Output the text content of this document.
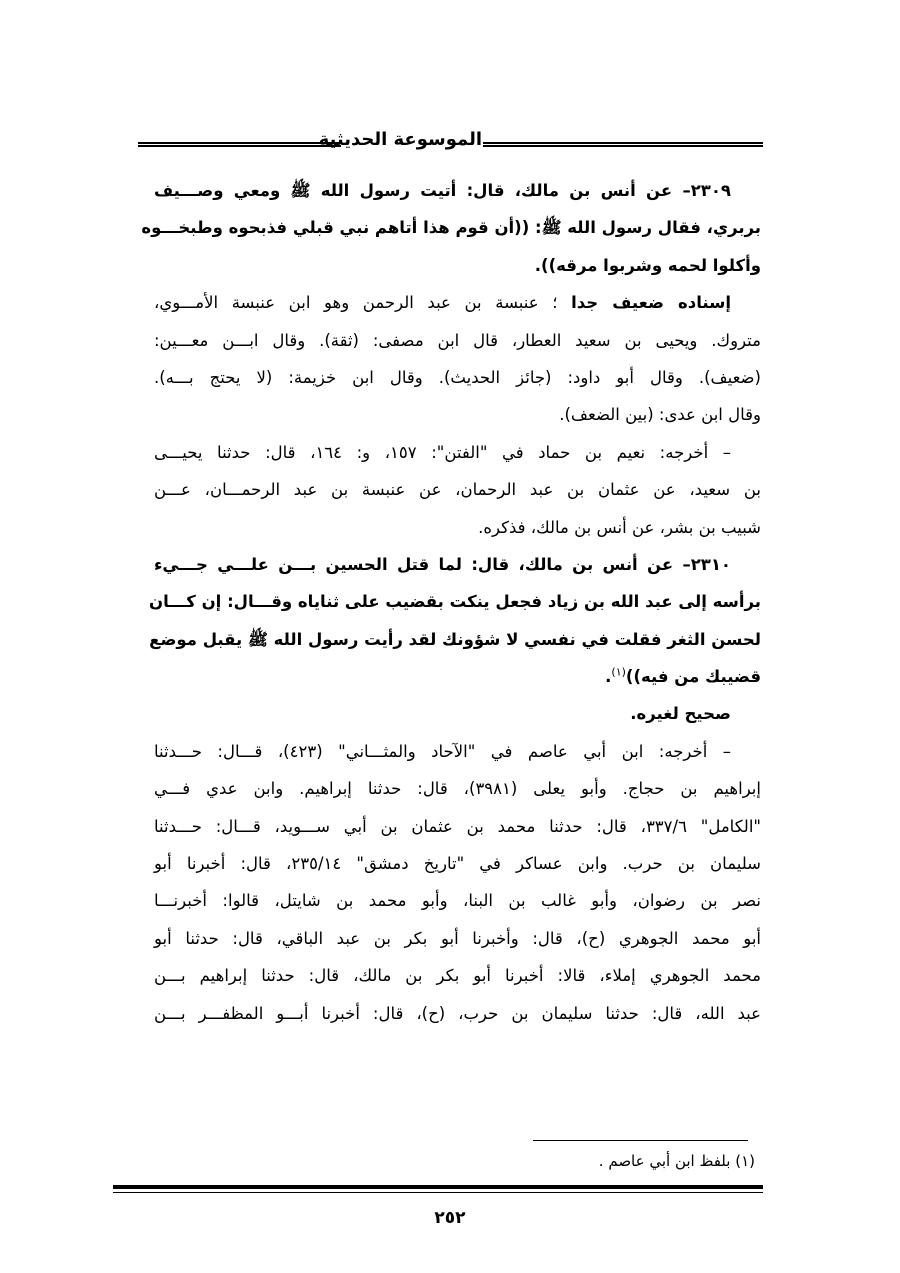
الموسوعة الحديثية
٢٣٠٩– عن أنس بن مالك، قال: أتيت رسول الله ﷺ ومعي وصـــيف
بربري، فقال رسول الله ﷺ: ((أن قوم هذا أتاهم نبي قبلي فذبحوه وطبخـــوه
وأكلوا لحمه وشربوا مرقه)).
إسناده ضعيف جدا ؛ عنبسة بن عبد الرحمن وهو ابن عنبسة الأمـــوي،
متروك. ويحيى بن سعيد العطار، قال ابن مصفى: (ثقة). وقال ابـــن معـــين:
(ضعيف). وقال أبو داود: (جائز الحديث). وقال ابن خزيمة: (لا يحتج بـــه).
وقال ابن عدى: (بين الضعف).
– أخرجه: نعيم بن حماد في "الفتن": ١٥٧، و: ١٦٤، قال: حدثنا يحيـــى
بن سعيد، عن عثمان بن عبد الرحمان، عن عنبسة بن عبد الرحمـــان، عـــن
شبيب بن بشر، عن أنس بن مالك، فذكره.
٢٣١٠– عن أنس بن مالك، قال: لما قتل الحسين بـــن علـــي جـــيء
برأسه إلى عبد الله بن زياد فجعل ينكت بقضيب على ثناياه وقـــال: إن كـــان
لحسن الثغر فقلت في نفسي لا شؤونك لقد رأيت رسول الله ﷺ يقبل موضع
قضيبك من فيه))$^{(١)}$.
صحيح لغيره.
– أخرجه: ابن أبي عاصم في "الآحاد والمثـــاني" (٤٢٣)، قـــال: حـــدثنا
إبراهيم بن حجاج. وأبو يعلى (٣٩٨١)، قال: حدثنا إبراهيم. وابن عدي فـــي
"الكامل" ٣٣٧/٦، قال: حدثنا محمد بن عثمان بن أبي ســـويد، قـــال: حـــدثنا
سليمان بن حرب. وابن عساكر في "تاريخ دمشق" ٢٣٥/١٤، قال: أخبرنا أبو
نصر بن رضوان، وأبو غالب بن البنا، وأبو محمد بن شايتل، قالوا: أخبرنـــا
أبو محمد الجوهري (ح)، قال: وأخبرنا أبو بكر بن عبد الباقي، قال: حدثنا أبو
محمد الجوهري إملاء، قالا: أخبرنا أبو بكر بن مالك، قال: حدثنا إبراهيم بـــن
عبد الله، قال: حدثنا سليمان بن حرب، (ح)، قال: أخبرنا أبـــو المظفـــر بـــن
(١) بلفظ ابن أبي عاصم .
٢٥٢
